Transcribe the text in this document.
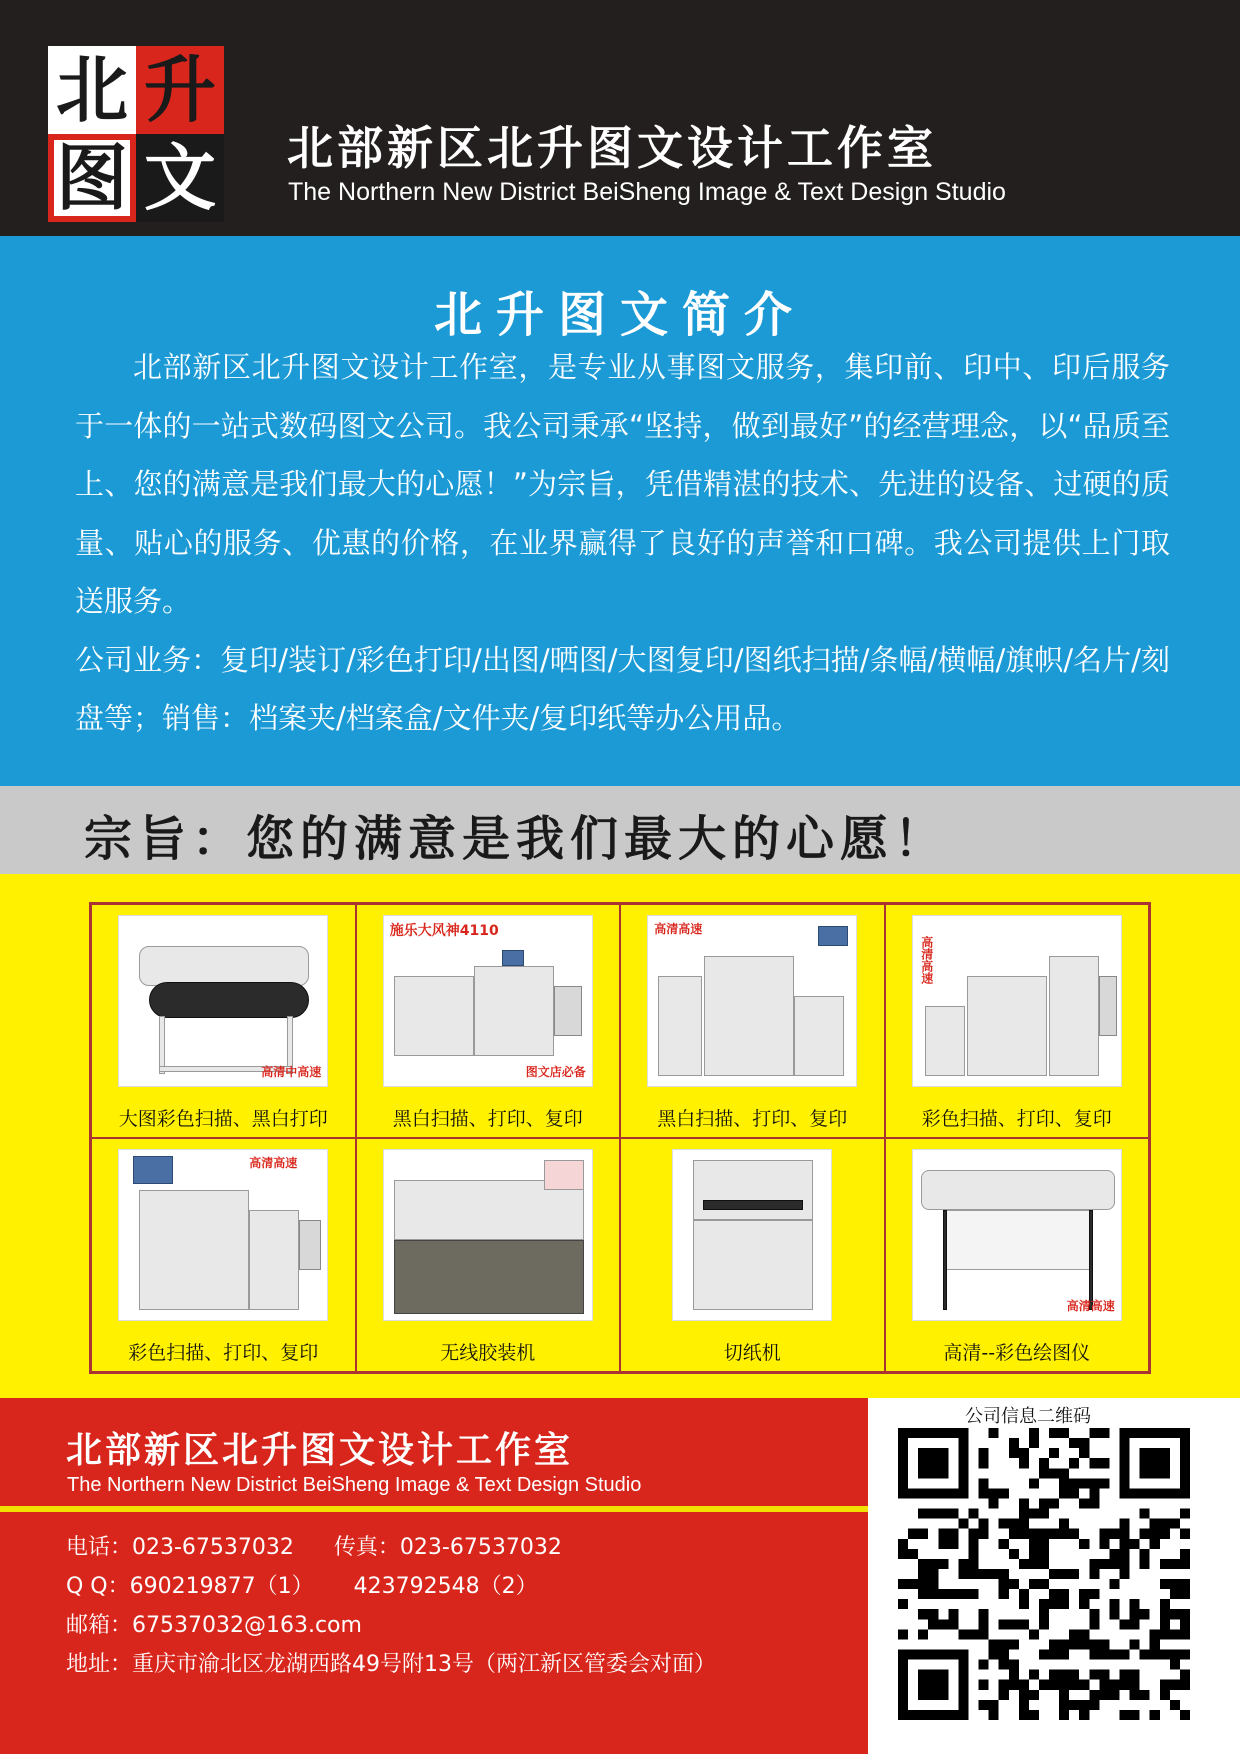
北 升
图 文 北部新区北升图文设计工作室
The Northern New District BeiSheng Image & Text Design Studio
北升图文简介

北部新区北升图文设计工作室，是专业从事图文服务，集印前、印中、印后服务于一体的一站式数码图文公司。我公司秉承“坚持，做到最好”的经营理念，以“品质至上、您的满意是我们最大的心愿！”为宗旨，凭借精湛的技术、先进的设备、过硬的质量、贴心的服务、优惠的价格，在业界赢得了良好的声誉和口碑。我公司提供上门取送服务。

公司业务：复印/装订/彩色打印/出图/晒图/大图复印/图纸扫描/条幅/横幅/旗帜/名片/刻盘等；销售：档案夹/档案盒/文件夹/复印纸等办公用品。

宗旨：您的满意是我们最大的心愿！
高清中高速
大图彩色扫描、黑白打印
施乐大风神4110
图文店必备
黑白扫描、打印、复印
高清高速
黑白扫描、打印、复印
高清高速
彩色扫描、打印、复印
高清高速
彩色扫描、打印、复印	无线胶装机	切纸机
高清高速
高清--彩色绘图仪
北部新区北升图文设计工作室
The Northern New District BeiSheng Image & Text Design Studio
电话：023-67537032 传真：023-67537032
Q Q：690219877（1） 423792548（2）
邮箱：67537032@163.com
地址：重庆市渝北区龙湖西路49号附13号（两江新区管委会对面）
公司信息二维码
